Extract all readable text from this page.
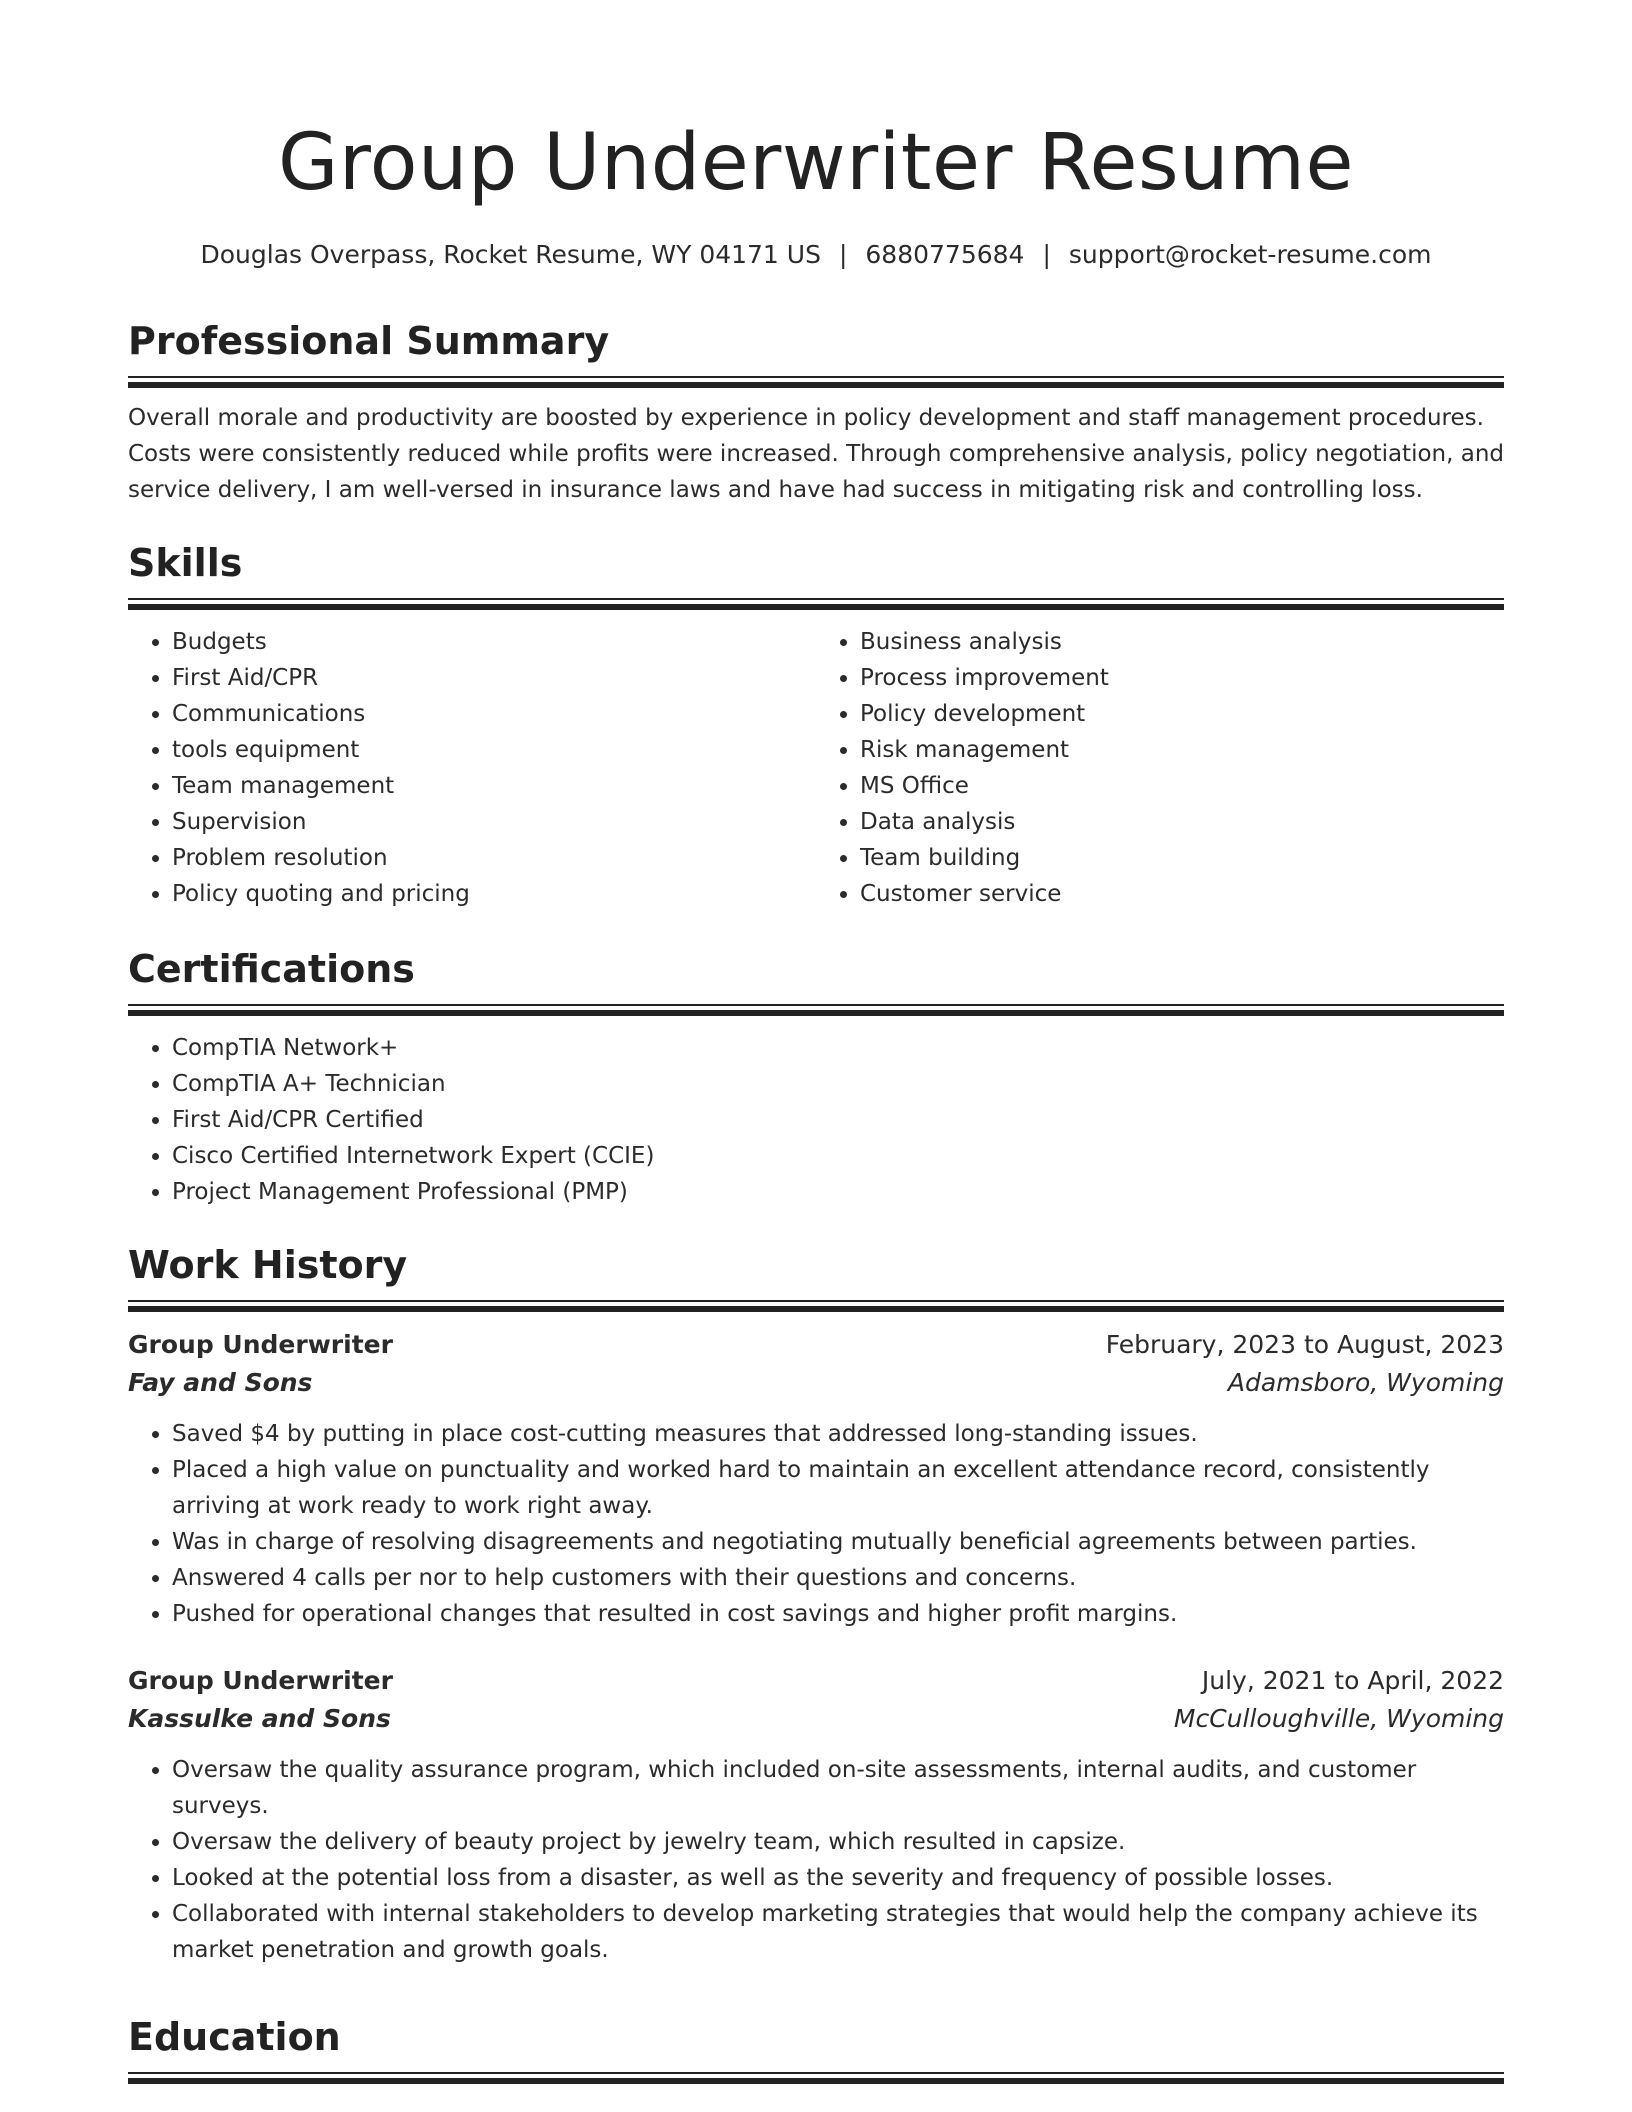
Group Underwriter Resume
Douglas Overpass, Rocket Resume, WY 04171 US | 6880775684 | support@rocket-resume.com
Professional Summary
Overall morale and productivity are boosted by experience in policy development and staff management procedures. Costs were consistently reduced while profits were increased. Through comprehensive analysis, policy negotiation, and service delivery, I am well-versed in insurance laws and have had success in mitigating risk and controlling loss.
Skills
• Budgets
• First Aid/CPR
• Communications
• tools equipment
• Team management
• Supervision
• Problem resolution
• Policy quoting and pricing
• Business analysis
• Process improvement
• Policy development
• Risk management
• MS Office
• Data analysis
• Team building
• Customer service
Certifications
• CompTIA Network+
• CompTIA A+ Technician
• First Aid/CPR Certified
• Cisco Certified Internetwork Expert (CCIE)
• Project Management Professional (PMP)
Work History
Group Underwriter	February, 2023 to August, 2023
Fay and Sons	Adamsboro, Wyoming
• Saved $4 by putting in place cost-cutting measures that addressed long-standing issues.
• Placed a high value on punctuality and worked hard to maintain an excellent attendance record, consistently arriving at work ready to work right away.
• Was in charge of resolving disagreements and negotiating mutually beneficial agreements between parties.
• Answered 4 calls per nor to help customers with their questions and concerns.
• Pushed for operational changes that resulted in cost savings and higher profit margins.
Group Underwriter	July, 2021 to April, 2022
Kassulke and Sons	McCulloughville, Wyoming
• Oversaw the quality assurance program, which included on-site assessments, internal audits, and customer surveys.
• Oversaw the delivery of beauty project by jewelry team, which resulted in capsize.
• Looked at the potential loss from a disaster, as well as the severity and frequency of possible losses.
• Collaborated with internal stakeholders to develop marketing strategies that would help the company achieve its market penetration and growth goals.
Education
